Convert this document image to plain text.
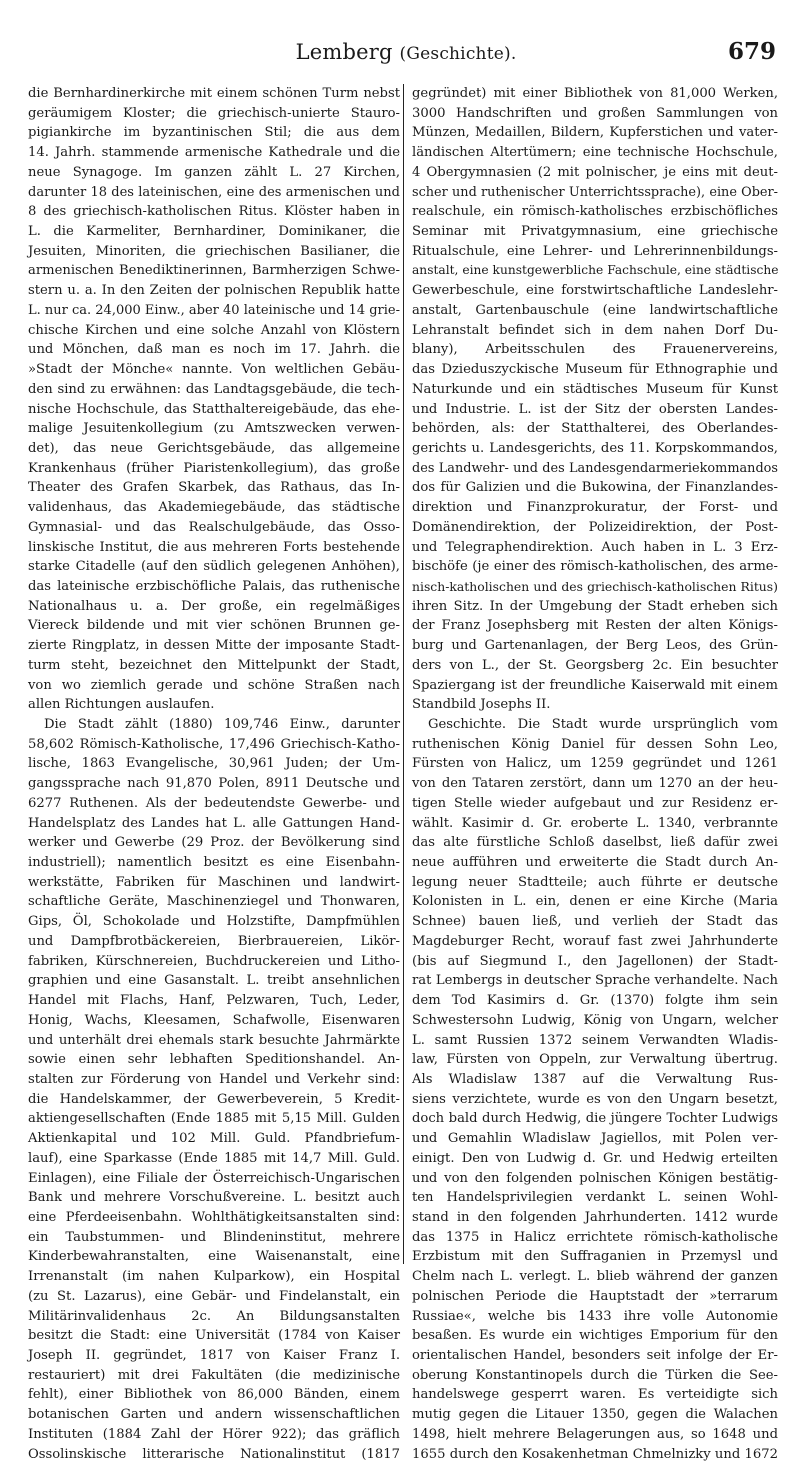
Lemberg (Geschichte).	679
die Bernhardinerkirche mit einem schönen Turm nebst
geräumigem Kloster; die griechisch-unierte Stauro-
pigiankirche im byzantinischen Stil; die aus dem
14. Jahrh. stammende armenische Kathedrale und die
neue Synagoge. Im ganzen zählt L. 27 Kirchen,
darunter 18 des lateinischen, eine des armenischen und
8 des griechisch-katholischen Ritus. Klöster haben in
L. die Karmeliter, Bernhardiner, Dominikaner, die
Jesuiten, Minoriten, die griechischen Basilianer, die
armenischen Benediktinerinnen, Barmherzigen Schwe-
stern u. a. In den Zeiten der polnischen Republik hatte
L. nur ca. 24,000 Einw., aber 40 lateinische und 14 grie-
chische Kirchen und eine solche Anzahl von Klöstern
und Mönchen, daß man es noch im 17. Jahrh. die
»Stadt der Mönche« nannte. Von weltlichen Gebäu-
den sind zu erwähnen: das Landtagsgebäude, die tech-
nische Hochschule, das Statthaltereigebäude, das ehe-
malige Jesuitenkollegium (zu Amtszwecken verwen-
det), das neue Gerichtsgebäude, das allgemeine
Krankenhaus (früher Piaristenkollegium), das große
Theater des Grafen Skarbek, das Rathaus, das In-
validenhaus, das Akademiegebäude, das städtische
Gymnasial- und das Realschulgebäude, das Osso-
linskische Institut, die aus mehreren Forts bestehende
starke Citadelle (auf den südlich gelegenen Anhöhen),
das lateinische erzbischöfliche Palais, das ruthenische
Nationalhaus u. a. Der große, ein regelmäßiges
Viereck bildende und mit vier schönen Brunnen ge-
zierte Ringplatz, in dessen Mitte der imposante Stadt-
turm steht, bezeichnet den Mittelpunkt der Stadt,
von wo ziemlich gerade und schöne Straßen nach
allen Richtungen auslaufen.
Die Stadt zählt (1880) 109,746 Einw., darunter
58,602 Römisch-Katholische, 17,496 Griechisch-Katho-
lische, 1863 Evangelische, 30,961 Juden; der Um-
gangssprache nach 91,870 Polen, 8911 Deutsche und
6277 Ruthenen. Als der bedeutendste Gewerbe- und
Handelsplatz des Landes hat L. alle Gattungen Hand-
werker und Gewerbe (29 Proz. der Bevölkerung sind
industriell); namentlich besitzt es eine Eisenbahn-
werkstätte, Fabriken für Maschinen und landwirt-
schaftliche Geräte, Maschinenziegel und Thonwaren,
Gips, Öl, Schokolade und Holzstifte, Dampfmühlen
und Dampfbrotbäckereien, Bierbrauereien, Likör-
fabriken, Kürschnereien, Buchdruckereien und Litho-
graphien und eine Gasanstalt. L. treibt ansehnlichen
Handel mit Flachs, Hanf, Pelzwaren, Tuch, Leder,
Honig, Wachs, Kleesamen, Schafwolle, Eisenwaren
und unterhält drei ehemals stark besuchte Jahrmärkte
sowie einen sehr lebhaften Speditionshandel. An-
stalten zur Förderung von Handel und Verkehr sind:
die Handelskammer, der Gewerbeverein, 5 Kredit-
aktiengesellschaften (Ende 1885 mit 5,15 Mill. Gulden
Aktienkapital und 102 Mill. Guld. Pfandbriefum-
lauf), eine Sparkasse (Ende 1885 mit 14,7 Mill. Guld.
Einlagen), eine Filiale der Österreichisch-Ungarischen
Bank und mehrere Vorschußvereine. L. besitzt auch
eine Pferdeeisenbahn. Wohlthätigkeitsanstalten sind:
ein Taubstummen- und Blindeninstitut, mehrere
Kinderbewahranstalten, eine Waisenanstalt, eine
Irrenanstalt (im nahen Kulparkow), ein Hospital
(zu St. Lazarus), eine Gebär- und Findelanstalt, ein
Militärinvalidenhaus 2c. An Bildungsanstalten
besitzt die Stadt: eine Universität (1784 von Kaiser
Joseph II. gegründet, 1817 von Kaiser Franz I.
restauriert) mit drei Fakultäten (die medizinische
fehlt), einer Bibliothek von 86,000 Bänden, einem
botanischen Garten und andern wissenschaftlichen
Instituten (1884 Zahl der Hörer 922); das gräflich
Ossolinskische litterarische Nationalinstitut (1817
gegründet) mit einer Bibliothek von 81,000 Werken,
3000 Handschriften und großen Sammlungen von
Münzen, Medaillen, Bildern, Kupferstichen und vater-
ländischen Altertümern; eine technische Hochschule,
4 Obergymnasien (2 mit polnischer, je eins mit deut-
scher und ruthenischer Unterrichtssprache), eine Ober-
realschule, ein römisch-katholisches erzbischöfliches
Seminar mit Privatgymnasium, eine griechische
Ritualschule, eine Lehrer- und Lehrerinnenbildungs-
anstalt, eine kunstgewerbliche Fachschule, eine städtische
Gewerbeschule, eine forstwirtschaftliche Landeslehr-
anstalt, Gartenbauschule (eine landwirtschaftliche
Lehranstalt befindet sich in dem nahen Dorf Du-
blany), Arbeitsschulen des Frauenervereins,
das Dzieduszyckische Museum für Ethnographie und
Naturkunde und ein städtisches Museum für Kunst
und Industrie. L. ist der Sitz der obersten Landes-
behörden, als: der Statthalterei, des Oberlandes-
gerichts u. Landesgerichts, des 11. Korpskommandos,
des Landwehr- und des Landesgendarmeriekommandos
dos für Galizien und die Bukowina, der Finanzlandes-
direktion und Finanzprokuratur, der Forst- und
Domänendirektion, der Polizeidirektion, der Post-
und Telegraphendirektion. Auch haben in L. 3 Erz-
bischöfe (je einer des römisch-katholischen, des arme-
nisch-katholischen und des griechisch-katholischen Ritus)
ihren Sitz. In der Umgebung der Stadt erheben sich
der Franz Josephsberg mit Resten der alten Königs-
burg und Gartenanlagen, der Berg Leos, des Grün-
ders von L., der St. Georgsberg 2c. Ein besuchter
Spaziergang ist der freundliche Kaiserwald mit einem
Standbild Josephs II.
Geschichte. Die Stadt wurde ursprünglich vom
ruthenischen König Daniel für dessen Sohn Leo,
Fürsten von Halicz, um 1259 gegründet und 1261
von den Tataren zerstört, dann um 1270 an der heu-
tigen Stelle wieder aufgebaut und zur Residenz er-
wählt. Kasimir d. Gr. eroberte L. 1340, verbrannte
das alte fürstliche Schloß daselbst, ließ dafür zwei
neue aufführen und erweiterte die Stadt durch An-
legung neuer Stadtteile; auch führte er deutsche
Kolonisten in L. ein, denen er eine Kirche (Maria
Schnee) bauen ließ, und verlieh der Stadt das
Magdeburger Recht, worauf fast zwei Jahrhunderte
(bis auf Siegmund I., den Jagellonen) der Stadt-
rat Lembergs in deutscher Sprache verhandelte. Nach
dem Tod Kasimirs d. Gr. (1370) folgte ihm sein
Schwestersohn Ludwig, König von Ungarn, welcher
L. samt Russien 1372 seinem Verwandten Wladis-
law, Fürsten von Oppeln, zur Verwaltung übertrug.
Als Wladislaw 1387 auf die Verwaltung Rus-
siens verzichtete, wurde es von den Ungarn besetzt,
doch bald durch Hedwig, die jüngere Tochter Ludwigs
und Gemahlin Wladislaw Jagiellos, mit Polen ver-
einigt. Den von Ludwig d. Gr. und Hedwig erteilten
und von den folgenden polnischen Königen bestätig-
ten Handelsprivilegien verdankt L. seinen Wohl-
stand in den folgenden Jahrhunderten. 1412 wurde
das 1375 in Halicz errichtete römisch-katholische
Erzbistum mit den Suffraganien in Przemysl und
Chelm nach L. verlegt. L. blieb während der ganzen
polnischen Periode die Hauptstadt der »terrarum
Russiae«, welche bis 1433 ihre volle Autonomie
besaßen. Es wurde ein wichtiges Emporium für den
orientalischen Handel, besonders seit infolge der Er-
oberung Konstantinopels durch die Türken die See-
handelswege gesperrt waren. Es verteidigte sich
mutig gegen die Litauer 1350, gegen die Walachen
1498, hielt mehrere Belagerungen aus, so 1648 und
1655 durch den Kosakenhetman Chmelnizky und 1672
